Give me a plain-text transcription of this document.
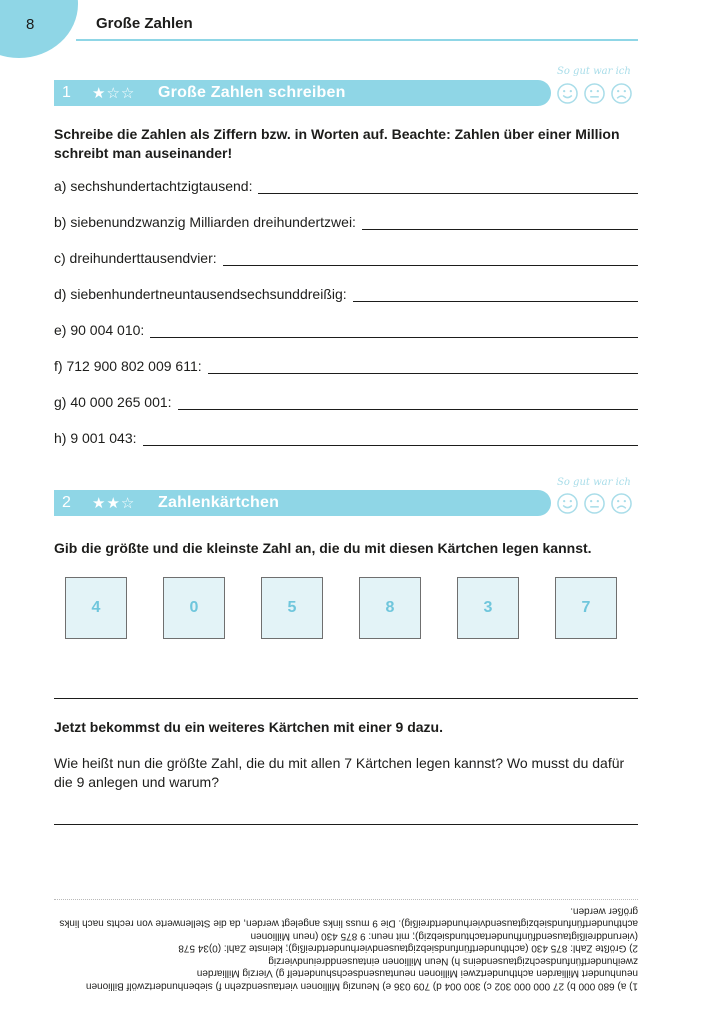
8	Große Zahlen
So gut war ich
1	★☆☆	Große Zahlen schreiben
Schreibe die Zahlen als Ziffern bzw. in Worten auf. Beachte: Zahlen über einer Million schreibt man auseinander!
a) sechshundertachtzigtausend:
b) siebenundzwanzig Milliarden dreihundertzwei:
c) dreihunderttausendvier:
d) siebenhundertneuntausendsechsunddreißig:
e) 90 004 010:
f) 712 900 802 009 611:
g) 40 000 265 001:
h) 9 001 043:
So gut war ich
2	★★☆	Zahlenkärtchen
Gib die größte und die kleinste Zahl an, die du mit diesen Kärtchen legen kannst.
4	0	5	8	3	7
Jetzt bekommst du ein weiteres Kärtchen mit einer 9 dazu.
Wie heißt nun die größte Zahl, die du mit allen 7 Kärtchen legen kannst? Wo musst du dafür die 9 anlegen und warum?
1) a) 680 000 b) 27 000 000 302 c) 300 004 d) 709 036 e) Neunzig Millionen viertausendzehn f) siebenhundertzwölf Billionen neunhundert Milliarden achthundertzwei Millionen neuntausendsechshundertelf g) Vierzig Milliarden zweihundertfünfundsechzigtausendeins h) Neun Millionen eintausenddreiundvierzig
2) Größte Zahl: 875 430 (achthundertfünfundsiebzigtausendvierhundertdreißig); kleinste Zahl: (0)34 578 (vierunddreißigtausendfünfhundertachtundsiebzig); mit neun: 9 875 430 (neun Millionen achthundertfünfundsiebzigtausendvierhundertdreißig). Die 9 muss links angelegt werden, da die Stellenwerte von rechts nach links größer werden.
